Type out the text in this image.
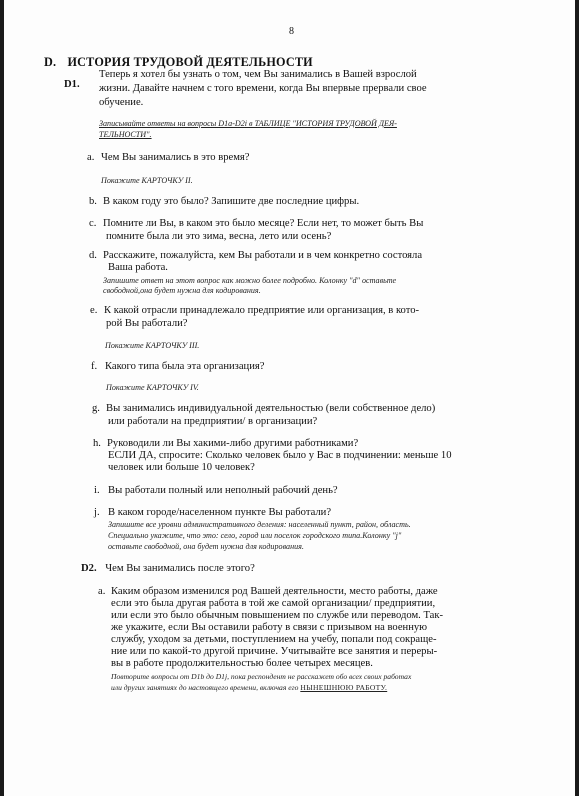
8
D. ИСТОРИЯ ТРУДОВОЙ ДЕЯТЕЛЬНОСТИ
D1.
Теперь я хотел бы узнать о том, чем Вы занимались в Вашей взрослой
жизни. Давайте начнем с того времени, когда Вы впервые прервали свое
обучение.
Записывайте ответы на вопросы D1a-D2i в ТАБЛИЦЕ "ИСТОРИЯ ТРУДОВОЙ ДЕЯ-
ТЕЛЬНОСТИ".
a. Чем Вы занимались в это время?
Покажите КАРТОЧКУ II.
b. В каком году это было? Запишите две последние цифры.
c. Помните ли Вы, в каком это было месяце? Если нет, то может быть Вы
помните была ли это зима, весна, лето или осень?
d. Расскажите, пожалуйста, кем Вы работали и в чем конкретно состояла
Ваша работа.
Запишите ответ на этот вопрос как можно более подробно. Колонку "d" оставьте
свободной,она будет нужна для кодирования.
e. К какой отрасли принадлежало предприятие или организация, в кото-
рой Вы работали?
Покажите КАРТОЧКУ III.
f. Какого типа была эта организация?
Покажите КАРТОЧКУ IV.
g. Вы занимались индивидуальной деятельностью (вели собственное дело)
или работали на предприятии/ в организации?
h. Руководили ли Вы хакими-либо другими работниками?
ЕСЛИ ДА, спросите: Сколько человек было у Вас в подчинении: меньше 10
человек или больше 10 человек?
i. Вы работали полный или неполный рабочий день?
j. В каком городе/населенном пункте Вы работали?
Запишите все уровни административного деления: населенный пункт, район, область.
Специально укажите, что это: село, город или поселок городского типа.Колонку "j"
оставьте свободной, она будет нужна для кодирования.
D2. Чем Вы занимались после этого?
a. Каким образом изменился род Вашей деятельности, место работы, даже
если это была другая работа в той же самой организации/ предприятии,
или если это было обычным повышением по службе или переводом. Так-
же укажите, если Вы оставили работу в связи с призывом на военную
службу, уходом за детьми, поступлением на учебу, попали под сокраще-
ние или по какой-то другой причине. Учитывайте все занятия и переры-
вы в работе продолжительностью более четырех месяцев.
Повторите вопросы от D1b до D1j, пока респондент не расскажет обо всех своих работах
или других занятиях до настоящего времени, включая его НЫНЕШНЮЮ РАБОТУ.
